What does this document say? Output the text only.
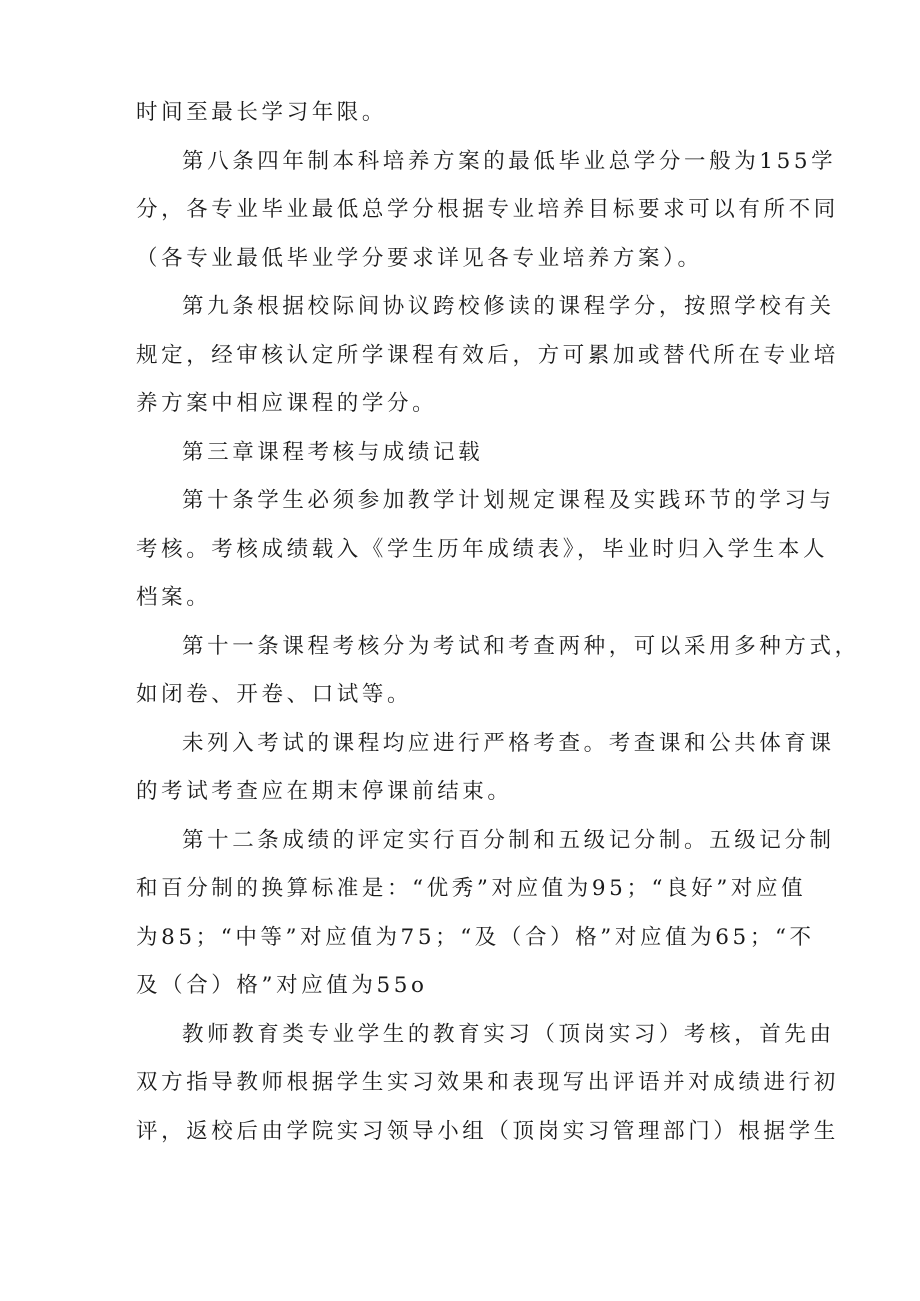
时间至最长学习年限。
第八条四年制本科培养方案的最低毕业总学分一般为155学
分，各专业毕业最低总学分根据专业培养目标要求可以有所不同
（各专业最低毕业学分要求详见各专业培养方案）。
第九条根据校际间协议跨校修读的课程学分，按照学校有关
规定，经审核认定所学课程有效后，方可累加或替代所在专业培
养方案中相应课程的学分。
第三章课程考核与成绩记载
第十条学生必须参加教学计划规定课程及实践环节的学习与
考核。考核成绩载入《学生历年成绩表》，毕业时归入学生本人
档案。
第十一条课程考核分为考试和考查两种，可以采用多种方式，
如闭卷、开卷、口试等。
未列入考试的课程均应进行严格考查。考查课和公共体育课
的考试考查应在期末停课前结束。
第十二条成绩的评定实行百分制和五级记分制。五级记分制
和百分制的换算标准是：“优秀”对应值为95；“良好”对应值
为85；“中等”对应值为75；“及（合）格”对应值为65；“不
及（合）格”对应值为55o
教师教育类专业学生的教育实习（顶岗实习）考核，首先由
双方指导教师根据学生实习效果和表现写出评语并对成绩进行初
评，返校后由学院实习领导小组（顶岗实习管理部门）根据学生
